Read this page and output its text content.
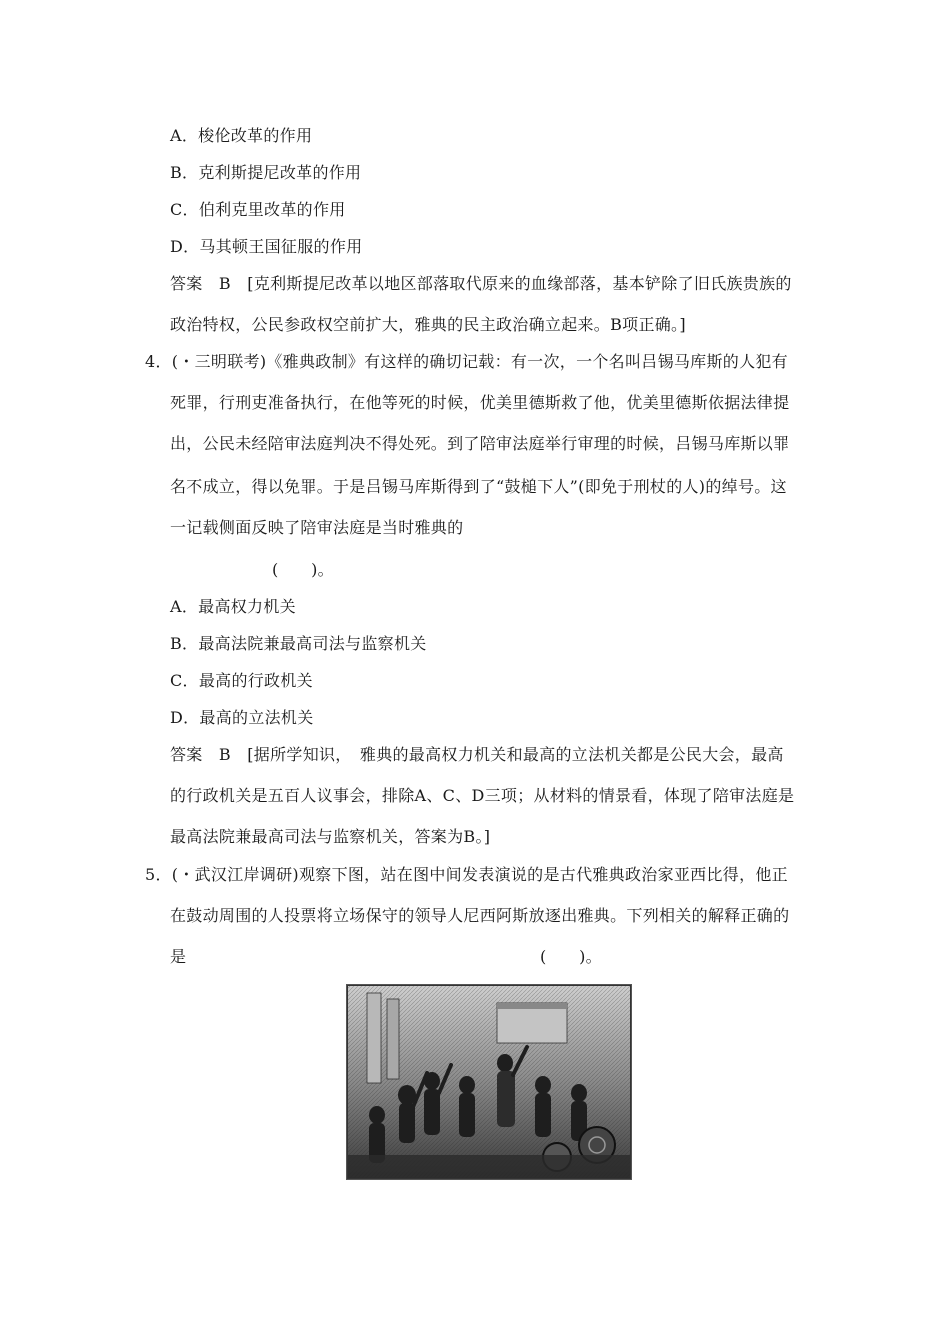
A．梭伦改革的作用
B．克利斯提尼改革的作用
C．伯利克里改革的作用
D．马其顿王国征服的作用
答案　B　[克利斯提尼改革以地区部落取代原来的血缘部落，基本铲除了旧氏族贵族的
政治特权，公民参政权空前扩大，雅典的民主政治确立起来。B项正确。]
4．(・三明联考)《雅典政制》有这样的确切记载：有一次，一个名叫吕锡马库斯的人犯有
死罪，行刑吏准备执行，在他等死的时候，优美里德斯救了他，优美里德斯依据法律提
出，公民未经陪审法庭判决不得处死。到了陪审法庭举行审理的时候，吕锡马库斯以罪
名不成立，得以免罪。于是吕锡马库斯得到了“鼓槌下人”(即免于刑杖的人)的绰号。这
一记载侧面反映了陪审法庭是当时雅典的
(　　)。
A．最高权力机关
B．最高法院兼最高司法与监察机关
C．最高的行政机关
D．最高的立法机关
答案　B　[据所学知识，　雅典的最高权力机关和最高的立法机关都是公民大会，最高
的行政机关是五百人议事会，排除A、C、D三项；从材料的情景看，体现了陪审法庭是
最高法院兼最高司法与监察机关，答案为B。]
5．(・武汉江岸调研)观察下图，站在图中间发表演说的是古代雅典政治家亚西比得，他正
在鼓动周围的人投票将立场保守的领导人尼西阿斯放逐出雅典。下列相关的解释正确的
是	(　　)。
